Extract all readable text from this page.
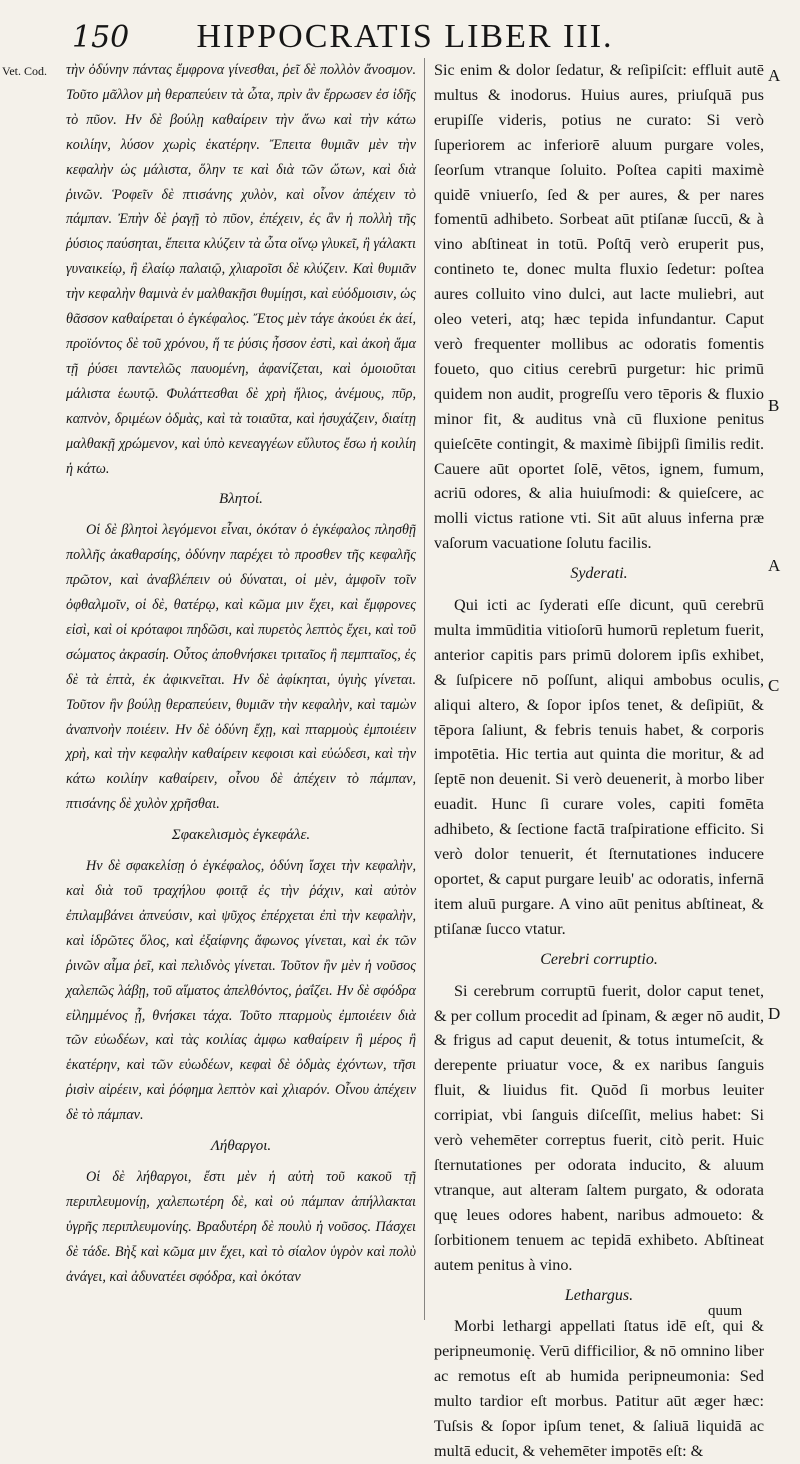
150	HIPPOCRATIS LIBER III.
Vet. Cod. τὴν ὀδύνην πάντας ἔμφρονα γίνεσθαι, ῥεῖ δὲ πολλὸν ἄνοσμον. Τοῦτο μᾶλλον μὴ θεραπεύειν τὰ ὦτα, πρὶν ἂν ἔρρωσεν ἐσ ἰδῆς τὸ πῦον. Ην δὲ βούλῃ καθαίρειν τὴν ἄνω καὶ τὴν κάτω κοιλίην, λύσον χωρὶς ἑκατέρην. Ἔπειτα θυμιᾶν μὲν τὴν κεφαλὴν ὡς μάλιστα, ὅλην τε καὶ διὰ τῶν ὤτων, καὶ διὰ ῥινῶν. Ῥοφεῖν δὲ πτισάνης χυλὸν, καὶ οἶνον ἀπέχειν τὸ πάμπαν. Ἐπὴν δὲ ῥαγῇ τὸ πῦον, ἐπέχειν, ἐς ἂν ἡ πολλὴ τῆς ῥύσιος παύσηται, ἔπειτα κλύζειν τὰ ὦτα οἴνῳ γλυκεῖ, ἢ γάλακτι γυναικείῳ, ἢ ἐλαίῳ παλαιῷ, χλιαροῖσι δὲ κλύζειν. Καὶ θυμιᾶν τὴν κεφαλὴν θαμινὰ ἐν μαλθακῇσι θυμίῃσι, καὶ εὐόδμοισιν, ὡς θᾶσσον καθαίρεται ὁ ἐγκέφαλος. Ἔτος μὲν τάγε ἀκούει ἐκ ἀεί, προϊόντος δὲ τοῦ χρόνου, ἥ τε ῥύσις ἧσσον ἐστὶ, καὶ ἀκοὴ ἅμα τῇ ῥύσει παντελῶς παυομένη, ἀφανίζεται, καὶ ὁμοιοῦται μάλιστα ἑωυτῷ. Φυλάττεσθαι δὲ χρὴ ἥλιος, ἀνέμους, πῦρ, καπνὸν, δριμέων ὀδμὰς, καὶ τὰ τοιαῦτα, καὶ ἡσυχάζειν, διαίτῃ μαλθακῇ χρώμενον, καὶ ὑπὸ κενεαγγέων εὔλυτος ἔσω ἡ κοιλίη ἡ κάτω.

Βλητοί.

Οἱ δὲ βλητοὶ λεγόμενοι εἶναι, ὁκόταν ὁ ἐγκέφαλος πλησθῇ πολλῆς ἀκαθαρσίης, ὀδύνην παρέχει τὸ προσθεν τῆς κεφαλῆς πρῶτον, καὶ ἀναβλέπειν οὐ δύναται, οἱ μὲν, ἀμφοῖν τοῖν ὀφθαλμοῖν, οἱ δὲ, θατέρῳ, καὶ κῶμα μιν ἔχει, καὶ ἔμφρονες εἰσὶ, καὶ οἱ κρόταφοι πηδῶσι, καὶ πυρετὸς λεπτὸς ἔχει, καὶ τοῦ σώματος ἀκρασίη. Οὗτος ἀποθνήσκει τριταῖος ἢ πεμπταῖος, ἐς δὲ τὰ ἑπτὰ, ἐκ ἀφικνεῖται. Ην δὲ ἀφίκηται, ὑγιὴς γίνεται. Τοῦτον ἢν βούλῃ θεραπεύειν, θυμιᾶν τὴν κεφαλὴν, καὶ ταμὼν ἀναπνοὴν ποιέειν. Ην δὲ ὀδύνη ἔχῃ, καὶ πταρμοὺς ἐμποιέειν χρὴ, καὶ τὴν κεφαλὴν καθαίρειν κεφοισι καὶ εὐώδεσι, καὶ τὴν κάτω κοιλίην καθαίρειν, οἶνου δὲ ἀπέχειν τὸ πάμπαν, πτισάνης δὲ χυλὸν χρῆσθαι.

Σφακελισμὸς ἐγκεφάλε.

Ην δὲ σφακελίσῃ ὁ ἐγκέφαλος, ὀδύνη ἴσχει τὴν κεφαλὴν, καὶ διὰ τοῦ τραχήλου φοιτᾷ ἐς τὴν ῥάχιν, καὶ αὐτὸν ἐπιλαμβάνει ἀπνεύσιν, καὶ ψῦχος ἐπέρχεται ἐπὶ τὴν κεφαλὴν, καὶ ἱδρῶτες ὅλος, καὶ ἐξαίφνης ἄφωνος γίνεται, καὶ ἐκ τῶν ῥινῶν αἷμα ῥεῖ, καὶ πελιδνὸς γίνεται. Τοῦτον ἢν μὲν ἡ νοῦσος χαλεπῶς λάβῃ, τοῦ αἵματος ἀπελθόντος, ῥαΐζει. Ην δὲ σφόδρα εἰλημμένος ᾖ, θνήσκει τάχα. Τοῦτο πταρμοὺς ἐμποιέειν διὰ τῶν εὐωδέων, καὶ τὰς κοιλίας ἀμφω καθαίρειν ἢ μέρος ἢ ἑκατέρην, καὶ τῶν εὐωδέων, κεφαὶ δὲ ὀδμὰς ἐχόντων, τῆσι ῥισὶν αἰρέειν, καὶ ῥόφημα λεπτὸν καὶ χλιαρόν. Οἶνου ἀπέχειν δὲ τὸ πάμπαν.

Λήθαργοι.

Οἱ δὲ λήθαργοι, ἔστι μὲν ἡ αὐτὴ τοῦ κακοῦ τῇ περιπλευμονίῃ, χαλεπωτέρη δὲ, καὶ οὐ πάμπαν ἀπήλλακται ὑγρῆς περιπλευμονίης. Βραδυτέρη δὲ πουλὺ ἡ νοῦσος. Πάσχει δὲ τάδε. Βὴξ καὶ κῶμα μιν ἔχει, καὶ τὸ σίαλον ὑγρὸν καὶ πολὺ ἀνάγει, καὶ ἀδυνατέει σφόδρα, καὶ ὁκόταν

Sic enim & dolor ſedatur, & reſipiſcit: effluit autē multus & inodorus. Huius aures, priuſquā pus erupiſſe videris, potius ne curato: Si verò ſuperiorem ac inferiorē aluum purgare voles, ſeorſum vtranque ſoluito. Poſtea capiti maximè quidē vniuerſo, ſed & per aures, & per nares fomentū adhibeto. Sorbeat aūt ptiſanæ ſuccū, & à vino abſtineat in totū. Poſtq̄ verò eruperit pus, contineto te, donec multa fluxio ſedetur: poſtea aures colluito vino dulci, aut lacte muliebri, aut oleo veteri, atq; hæc tepida infundantur. Caput verò frequenter mollibus ac odoratis fomentis foueto, quo citius cerebrū purgetur: hic primū quidem non audit, progreſſu vero tēporis & fluxio minor fit, & auditus vnà cū fluxione penitus quieſcēte contingit, & maximè ſibijpſi ſimilis redit. Cauere aūt oportet ſolē, vētos, ignem, fumum, acriū odores, & alia huiuſmodi: & quieſcere, ac molli victus ratione vti. Sit aūt aluus inferna præ vaſorum vacuatione ſolutu facilis.

Syderati.

Qui icti ac ſyderati eſſe dicunt, quū cerebrū multa immūditia vitioſorū humorū repletum fuerit, anterior capitis pars primū dolorem ipſis exhibet, & ſuſpicere nō poſſunt, aliqui ambobus oculis, aliqui altero, & ſopor ipſos tenet, & deſipiūt, & tēpora ſaliunt, & febris tenuis habet, & corporis impotētia. Hic tertia aut quinta die moritur, & ad ſeptē non deuenit. Si verò deuenerit, à morbo liber euadit. Hunc ſi curare voles, capiti fomēta adhibeto, & ſectione factā traſpiratione efficito. Si verò dolor tenuerit, ét ſternutationes inducere oportet, & caput purgare leuib' ac odoratis, infernā item aluū purgare. A vino aūt penitus abſtineat, & ptiſanæ ſucco vtatur.

Cerebri corruptio.

Si cerebrum corruptū fuerit, dolor caput tenet, & per collum procedit ad ſpinam, & æger nō audit, & frigus ad caput deuenit, & totus intumeſcit, & derepente priuatur voce, & ex naribus ſanguis fluit, & liuidus fit. Quōd ſi morbus leuiter corripiat, vbi ſanguis diſceſſit, melius habet: Si verò vehemēter correptus fuerit, citò perit. Huic ſternutationes per odorata inducito, & aluum vtranque, aut alteram ſaltem purgato, & odorata quę leues odores habent, naribus admoueto: & ſorbitionem tenuem ac tepidā exhibeto. Abſtineat autem penitus à vino.

Lethargus.

Morbi lethargi appellati ſtatus idē eſt, qui & peripneumonię. Verū difficilior, & nō omnino liber ac remotus eſt ab humida peripneumonia: Sed multo tardior eſt morbus. Patitur aūt æger hæc: Tuſsis & ſopor ipſum tenet, & ſaliuā liquidā ac multā educit, & vehemēter impotēs eſt: &

A
B
A
C
D
quum
